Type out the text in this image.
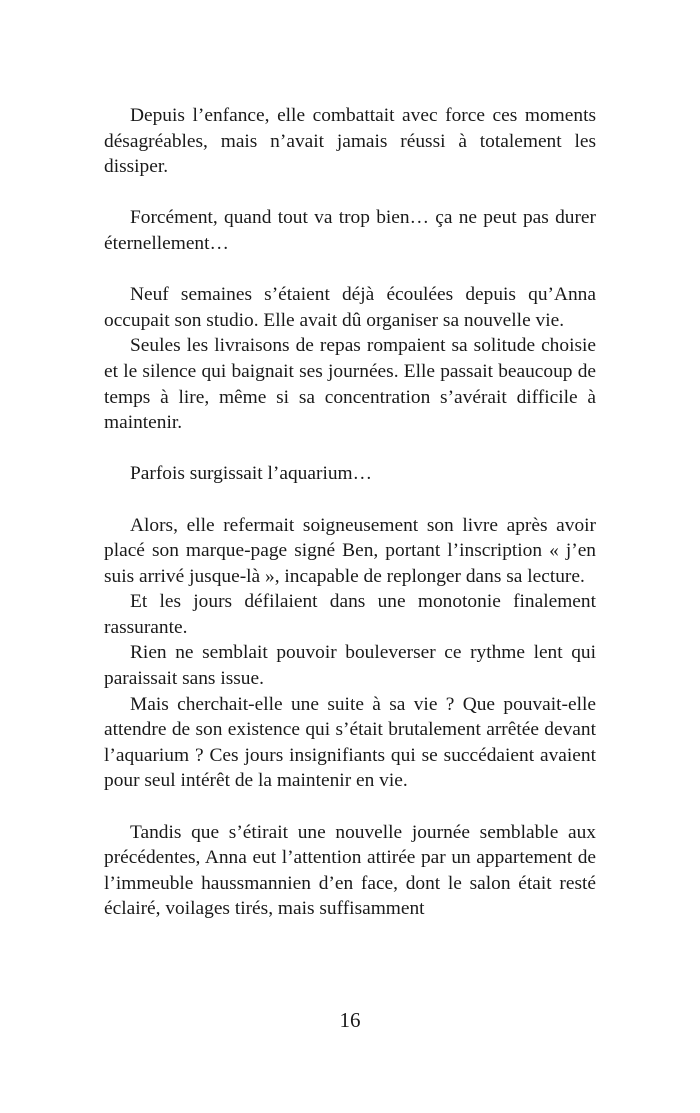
Depuis l’enfance, elle combattait avec force ces moments désagréables, mais n’avait jamais réussi à totalement les dissiper.

Forcément, quand tout va trop bien… ça ne peut pas durer éternellement…

Neuf semaines s’étaient déjà écoulées depuis qu’Anna occupait son studio. Elle avait dû organiser sa nouvelle vie.

Seules les livraisons de repas rompaient sa solitude choisie et le silence qui baignait ses journées. Elle passait beaucoup de temps à lire, même si sa concentration s’avérait difficile à maintenir.

Parfois surgissait l’aquarium…

Alors, elle refermait soigneusement son livre après avoir placé son marque-page signé Ben, portant l’inscription « j’en suis arrivé jusque-là », incapable de replonger dans sa lecture.

Et les jours défilaient dans une monotonie finalement rassurante.

Rien ne semblait pouvoir bouleverser ce rythme lent qui paraissait sans issue.

Mais cherchait-elle une suite à sa vie ? Que pouvait-elle attendre de son existence qui s’était brutalement arrêtée devant l’aquarium ? Ces jours insignifiants qui se succédaient avaient pour seul intérêt de la maintenir en vie.

Tandis que s’étirait une nouvelle journée semblable aux précédentes, Anna eut l’attention attirée par un appartement de l’immeuble haussmannien d’en face, dont le salon était resté éclairé, voilages tirés, mais suffisamment

16
